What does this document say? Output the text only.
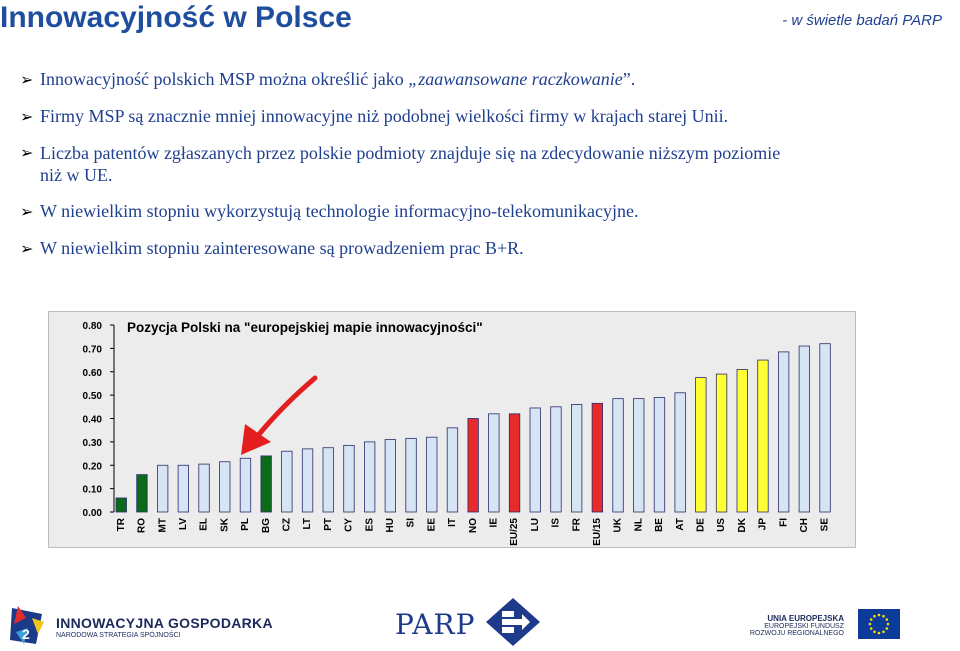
Innowacyjność w Polsce	- w świetle badań PARP
➢ Innowacyjność polskich MSP można określić jako „zaawansowane raczkowanie”.
➢ Firmy MSP są znacznie mniej innowacyjne niż podobnej wielkości firmy w krajach starej Unii.
➢ Liczba patentów zgłaszanych przez polskie podmioty znajduje się na zdecydowanie niższym poziomie
niż w UE.
➢ W niewielkim stopniu wykorzystują technologie informacyjno-telekomunikacyjne.
➢ W niewielkim stopniu zainteresowane są prowadzeniem prac B+R.
Pozycja Polski na "europejskiej mapie innowacyjności"
0.00
0.10
0.20
0.30
0.40
0.50
0.60
0.70
0.80
TR RO MT LV EL SK PL BG CZ LT PT CY ES HU SI EE IT NO IE EU/25 LU IS FR EU/15 UK NL BE AT DE US DK JP FI CH SE
2
INNOWACYJNA GOSPODARKA
NARODOWA STRATEGIA SPÓJNOŚCI	PARP	UNIA EUROPEJSKA
EUROPEJSKI FUNDUSZ
ROZWOJU REGIONALNEGO
